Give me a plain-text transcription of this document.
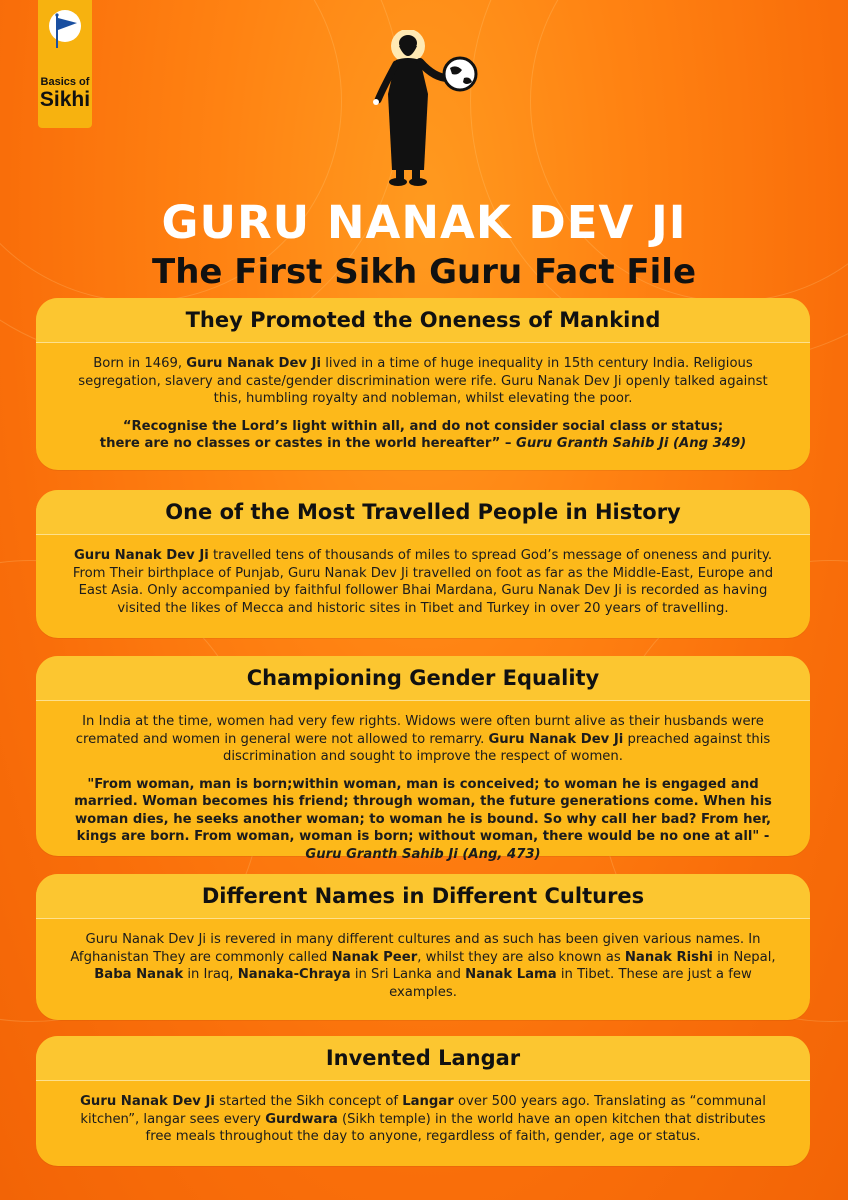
Basics of
Sikhi
GURU NANAK DEV JI
The First Sikh Guru Fact File
They Promoted the Oneness of Mankind

Born in 1469, Guru Nanak Dev Ji lived in a time of huge inequality in 15th century India. Religious segregation, slavery and caste/gender discrimination were rife. Guru Nanak Dev Ji openly talked against this, humbling royalty and nobleman, whilst elevating the poor.

“Recognise the Lord’s light within all, and do not consider social class or status;
there are no classes or castes in the world hereafter” – Guru Granth Sahib Ji (Ang 349)

One of the Most Travelled People in History

Guru Nanak Dev Ji travelled tens of thousands of miles to spread God’s message of oneness and purity. From Their birthplace of Punjab, Guru Nanak Dev Ji travelled on foot as far as the Middle-East, Europe and East Asia. Only accompanied by faithful follower Bhai Mardana, Guru Nanak Dev Ji is recorded as having visited the likes of Mecca and historic sites in Tibet and Turkey in over 20 years of travelling.

Championing Gender Equality

In India at the time, women had very few rights. Widows were often burnt alive as their husbands were cremated and women in general were not allowed to remarry. Guru Nanak Dev Ji preached against this discrimination and sought to improve the respect of women.

"From woman, man is born;within woman, man is conceived; to woman he is engaged and married. Woman becomes his friend; through woman, the future generations come. When his woman dies, he seeks another woman; to woman he is bound. So why call her bad? From her, kings are born. From woman, woman is born; without woman, there would be no one at all" - Guru Granth Sahib Ji (Ang, 473)

Different Names in Different Cultures

Guru Nanak Dev Ji is revered in many different cultures and as such has been given various names. In Afghanistan They are commonly called Nanak Peer, whilst they are also known as Nanak Rishi in Nepal, Baba Nanak in Iraq, Nanaka-Chraya in Sri Lanka and Nanak Lama in Tibet. These are just a few examples.

Invented Langar

Guru Nanak Dev Ji started the Sikh concept of Langar over 500 years ago. Translating as “communal kitchen”, langar sees every Gurdwara (Sikh temple) in the world have an open kitchen that distributes free meals throughout the day to anyone, regardless of faith, gender, age or status.
